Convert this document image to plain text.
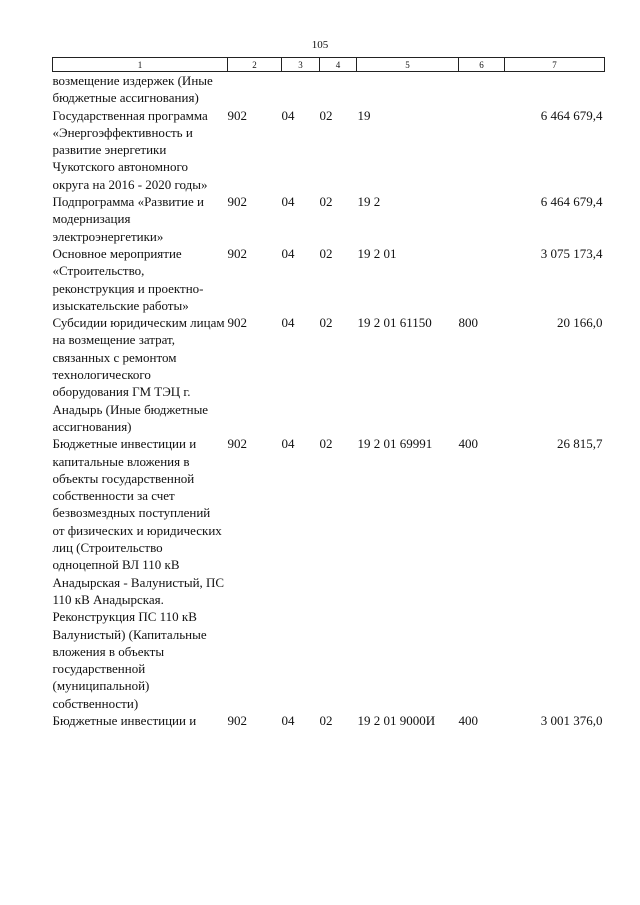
105
1	2	3	4	5	6	7
возмещение издержек (Иные бюджетные ассигнования)						
Государственная программа «Энергоэффективность и развитие энергетики Чукотского автономного округа на 2016 - 2020 годы»	902	04	02	19		6 464 679,4
Подпрограмма «Развитие и модернизация электроэнергетики»	902	04	02	19 2		6 464 679,4
Основное мероприятие «Строительство, реконструкция и проектно-изыскательские работы»	902	04	02	19 2 01		3 075 173,4
Субсидии юридическим лицам на возмещение затрат, связанных с ремонтом технологического оборудования ГМ ТЭЦ г. Анадырь (Иные бюджетные ассигнования)	902	04	02	19 2 01 61150	800	20 166,0
Бюджетные инвестиции и капитальные вложения в объекты государственной собственности за счет безвозмездных поступлений от физических и юридических лиц (Строительство одноцепной ВЛ 110 кВ Анадырская - Валунистый, ПС 110 кВ Анадырская. Реконструкция ПС 110 кВ Валунистый) (Капитальные вложения в объекты государственной (муниципальной) собственности)	902	04	02	19 2 01 69991	400	26 815,7
Бюджетные инвестиции и	902	04	02	19 2 01 9000И	400	3 001 376,0
